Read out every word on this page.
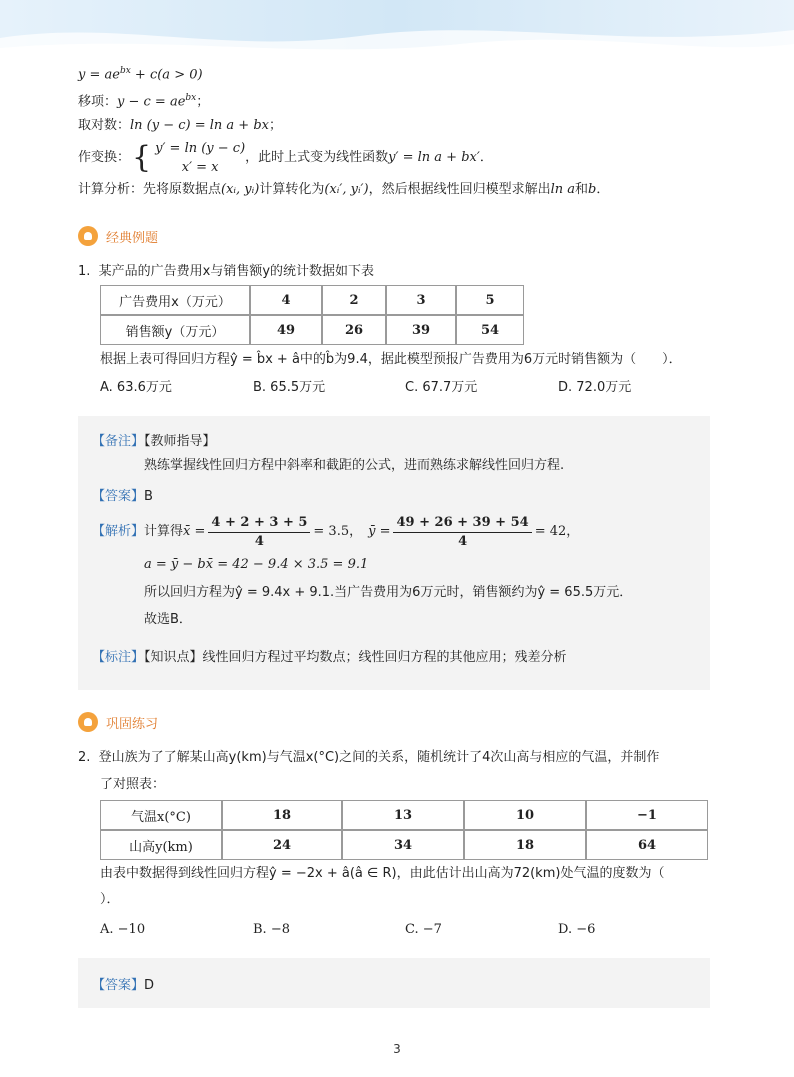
$y = ae^{bx} + c(a > 0)$
移项：$y - c = ae^{bx}$；
取对数：ln (y − c) = ln a + bx；
作变换： { y′ = ln (y − c)
x′ = x
，此时上式变为线性函数 y′ = ln a + bx′ ．
计算分析：先将原数据点(xᵢ, yᵢ)计算转化为(xᵢ′, yᵢ′)，然后根据线性回归模型求解出ln a和b．
经典例题
1. 某产品的广告费用x与销售额y的统计数据如下表
广告费用x（万元）	4	2	3	5
销售额y（万元）	49	26	39	54
根据上表可得回归方程ŷ = b̂x + â中的b̂为9.4，据此模型预报广告费用为6万元时销售额为（　　）．
A. 63.6万元	B. 65.5万元	C. 67.7万元	D. 72.0万元
【备注】【教师指导】
熟练掌握线性回归方程中斜率和截距的公式，进而熟练求解线性回归方程.
【答案】B
【解析】 计算得 x̄ = $\frac{4 + 2 + 3 + 5}{4} = 3.5$， ȳ = $\frac{49 + 26 + 39 + 54}{4} = 42$，
a = ȳ − bx̄ = 42 − 9.4 × 3.5 = 9.1
所以回归方程为ŷ = 9.4x + 9.1.当广告费用为6万元时，销售额约为ŷ = 65.5万元．
故选B．
【标注】【知识点】线性回归方程过平均数点；线性回归方程的其他应用；残差分析
巩固练习
2. 登山族为了了解某山高y(km)与气温x(°C)之间的关系，随机统计了4次山高与相应的气温，并制作
了对照表：
气温x(°C)	18	13	10	−1
山高y(km)	24	34	18	64
由表中数据得到线性回归方程ŷ = −2x + â(â ∈ R)，由此估计出山高为72(km)处气温的度数为（
）．
A. −10	B. −8	C. −7	D. −6
【答案】D
3
